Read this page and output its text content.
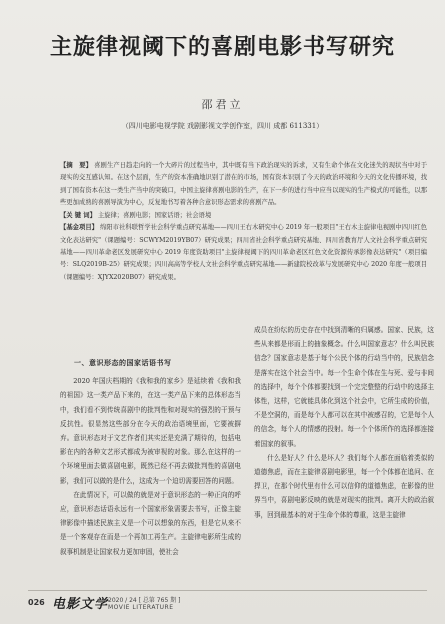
主旋律视阈下的喜剧电影书写研究
邵君立
（四川电影电视学院 戏剧影视文学创作室，四川 成都 611331）

【摘　要】 喜剧生产日趋走向的一个大碎片的过程当中，其中既有当下政治现实的诉求，又有生命个体在文化迷失的现状当中对于现实的交互感认知。在这个层面，生产的资本准确地识别了潜在的市场，国有资本识别了今天的政治环境和今天的文化传播环境，找到了国有资本在这一类生产当中的突破口，中国主旋律喜剧电影的生产，在下一步的进行当中应当以现实的生产模式的可能性，以那些更加成熟的喜剧导演为中心，反复地书写着各种合意识形态需求的喜剧产品。

【关 键 词】 主旋律；喜剧电影；国家话语；社会语境

【基金项目】 绵阳市社科联哲学社会科学重点研究基地——四川王右木研究中心 2019 年一般项目"王右木主旋律电视剧中四川红色文化表达研究"（课题编号：SCWYM2019YB07）研究成果；四川省社会科学重点研究基地、四川省教育厅人文社会科学重点研究基地——四川革命老区发展研究中心 2019 年度资助项目"主旋律视阈下的四川革命老区红色文化资源传承影像表达研究"（项目编号：SLQ2019B-25）研究成果；四川高高等学校人文社会科学重点研究基地——新建院校改革与发展研究中心 2020 年度一般项目（课题编号：XJYX2020B07）研究成果。

一、意识形态的国家话语书写

2020 年国庆档期的《我和我的家乡》是延续着《我和我的祖国》这一类产品下来的，在这一类产品下来的总体形态当中，我们看不到传统喜剧中的批判性和对现实的强烈的干预与反抗性。很显然这些部分在今天的政治语境里面，它要被摒弃。意识形态对于文艺作者们其实还是充满了期待的，包括电影在内的各种文艺形式都成为被审视的对象。那么在这样的一个环境里面去做喜剧电影，既然已经不再去做批判性的喜剧电影，我们可以做的是什么，这成为一个迫切需要回答的问题。

在此情况下，可以做的就是对于意识形态的一种正向的呼应，意识形态话语永远有一个国家形象需要去书写，正像主旋律影像中描述民族主义是一个可以想象的东西，但是它从来不是一个客观存在而是一个再加工再生产。主旋律电影所生成的叙事机制是让国家权力更加审固，使社会

成员在纷纭的历史存在中找到清晰的归属感。国家、民族，这些从来都是形而上的抽象概念。什么叫国家意志？什么叫民族信念？国家意志是基于每个公民个体的行动当中的，民族信念是落实在这个社会当中。每一个生命个体在生与死、爱与非间的选择中，每个个体都要找到一个完完整整的行动中的选择主体性，这样，它就能具体化到这个社会中，它所生成的价值，不是空洞的，而是每个人都可以在其中被感召的，它是每个人的信念，每个人的情感的投射。每一个个体所作的选择都连接着国家的叙事。

什么是好人？什么是坏人？我们每个人都在面临着类似的道德焦虑，而在主旋律喜剧电影里，每一个个体都在追问、在捍卫，在那个时代里有什么可以信仰的道德焦虑，在影像的世界当中，喜剧电影反映的就是对现实的批判。离开大的政治叙事，回到最基本的对于生命个体的尊重，这是主旋律

026 电影文学 2020 / 24 [ 总第 765 期 ]
MOVIE LITERATURE
